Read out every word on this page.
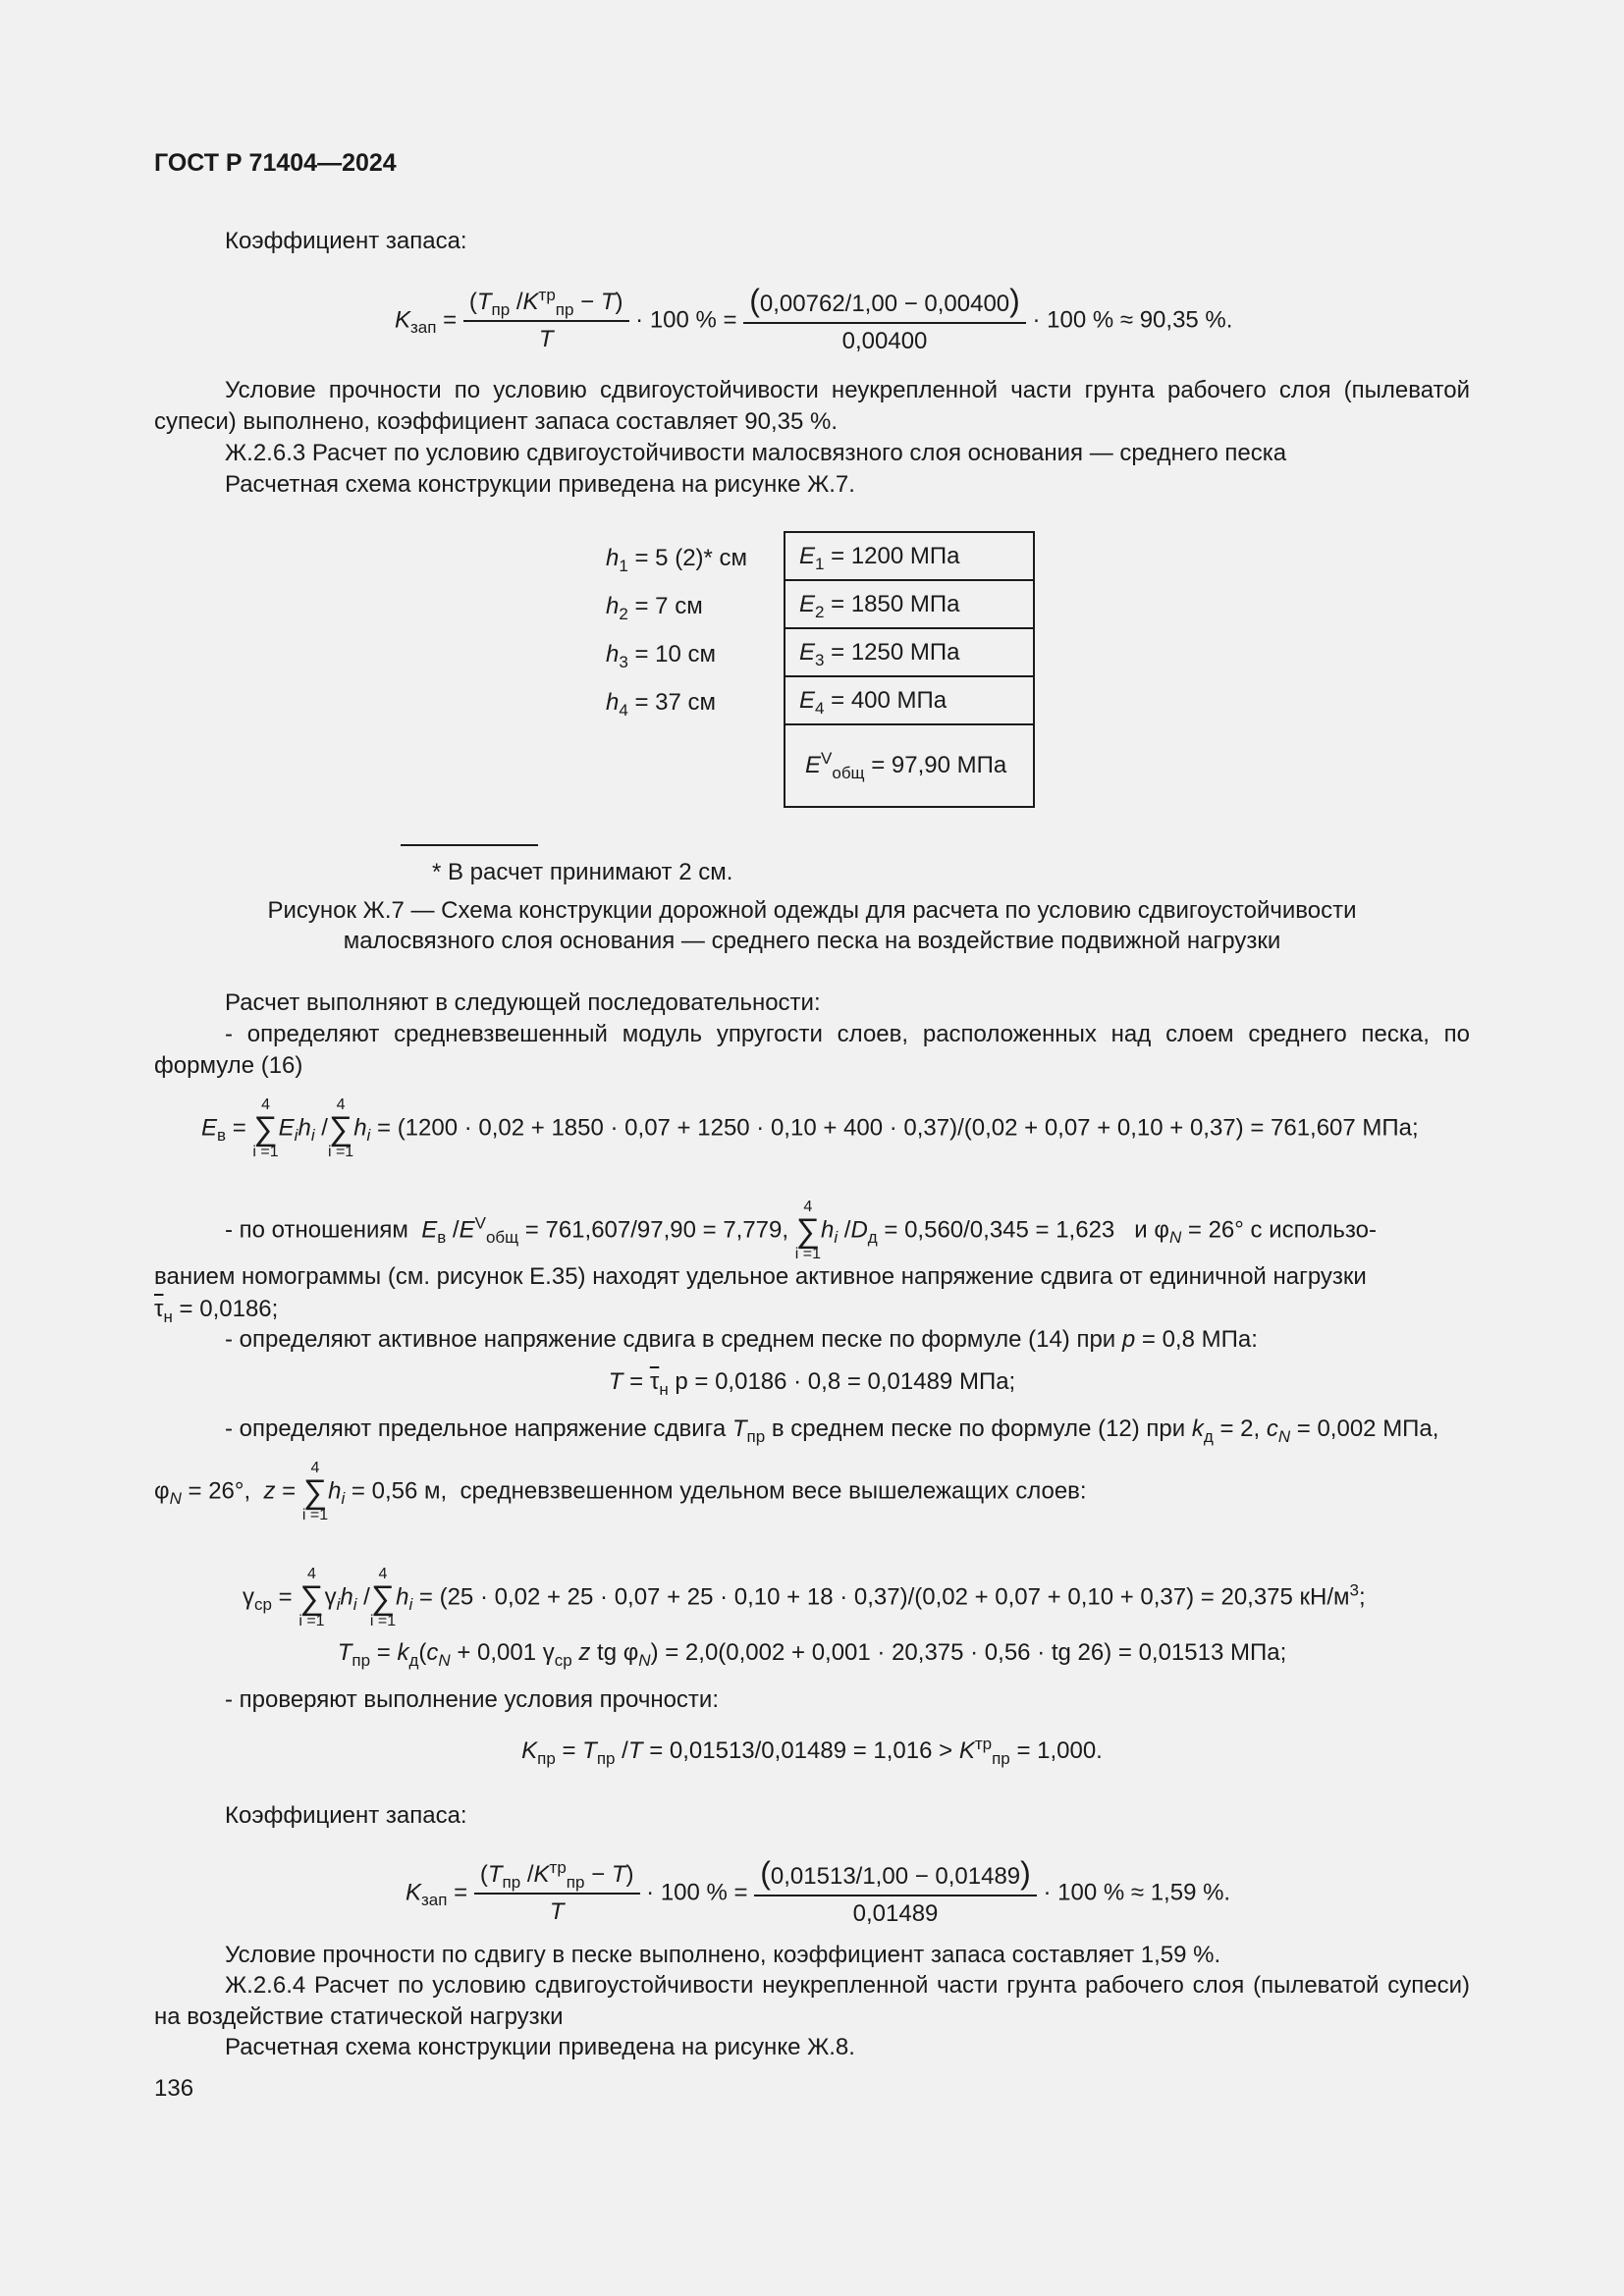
ГОСТ Р 71404—2024
Коэффициент запаса:
$K_{зап} = \frac{(T_{пр} /K^{тр}_{пр} - T)}{T} \cdot 100$ % = $\frac{(0,00762/1,00 - 0,00400)}{0,00400} \cdot 100$ % ≈ 90,35 %.
Условие прочности по условию сдвигоустойчивости неукрепленной части грунта рабочего слоя (пылеватой супеси) выполнено, коэффициент запаса составляет 90,35 %.
Ж.2.6.3 Расчет по условию сдвигоустойчивости малосвязного слоя основания — среднего песка
Расчетная схема конструкции приведена на рисунке Ж.7.
$h_1 = 5$ (2)* см
$h_2 = 7$ см
$h_3 = 10$ см
$h_4 = 37$ см
$E_1 = 1200$ МПа
$E_2 = 1850$ МПа
$E_3 = 1250$ МПа
$E_4 = 400$ МПа
$E^V_{общ} = 97,90$ МПа
* В расчет принимают 2 см.
Рисунок Ж.7 — Схема конструкции дорожной одежды для расчета по условию сдвигоустойчивости
малосвязного слоя основания — среднего песка на воздействие подвижной нагрузки
Расчет выполняют в следующей последовательности:
- определяют средневзвешенный модуль упругости слоев, расположенных над слоем среднего песка, по формуле (16)
$E_в$ =
4
∑
i =1
$E_ih_i$ /
4
∑
i =1
$h_i = (1200 \cdot 0,02 + 1850 \cdot 0,07 + 1250 \cdot 0,10 + 400 \cdot 0,37)/(0,02 + 0,07 + 0,10 + 0,37) = 761,607$ МПа;
- по отношениям $E_в$ $/E^V_{общ} = 761,607/97,90 = 7,779$,
4
∑
i =1
$h_i$ $/D_д = 0,560/0,345 = 1,623$ и $\varphi_N = 26^\circ$ с использо-
ванием номограммы (см. рисунок Е.35) находят удельное активное напряжение сдвига от единичной нагрузки
$\overline{\tau}_н = 0,0186$;
- определяют активное напряжение сдвига в среднем песке по формуле (14) при p = 0,8 МПа:
$T = \overline{\tau}_н$ p = 0,0186 · 0,8 = 0,01489 МПа;
- определяют предельное напряжение сдвига $T_{пр}$ в среднем песке по формуле (12) при $k_д = 2$, $c_N = 0,002$ МПа,
$\varphi_N = 26^\circ$, z =
4
∑
i =1
$h_i = 0,56$ м, средневзвешенном удельном весе вышележащих слоев:
$\gamma_{ср}$ =
4
∑
i =1
$\gamma_ih_i$ /
4
∑
i =1
$h_i = (25 \cdot 0,02 + 25 \cdot 0,07 + 25 \cdot 0,10 + 18 \cdot 0,37)/(0,02 + 0,07 + 0,10 + 0,37) = 20,375$ $кН/м^3$;
$T_{пр} = k_д(c_N + 0,001$ $\gamma_{ср}$ z tg $\varphi_N) = 2,0(0,002 + 0,001 \cdot 20,375 \cdot 0,56$ · tg 26) = 0,01513 МПа;
- проверяют выполнение условия прочности:
$K_{пр} = T_{пр}$ $/T = 0,01513/0,01489 = 1,016 > K^{тр}_{пр} = 1,000$.
Коэффициент запаса:
$K_{зап} = \frac{(T_{пр} /K^{тр}_{пр} - T)}{T} \cdot 100$ % = $\frac{(0,01513/1,00 - 0,01489)}{0,01489} \cdot 100$ % ≈ 1,59 %.
Условие прочности по сдвигу в песке выполнено, коэффициент запаса составляет 1,59 %.
Ж.2.6.4 Расчет по условию сдвигоустойчивости неукрепленной части грунта рабочего слоя (пылеватой супеси) на воздействие статической нагрузки
Расчетная схема конструкции приведена на рисунке Ж.8.
136
